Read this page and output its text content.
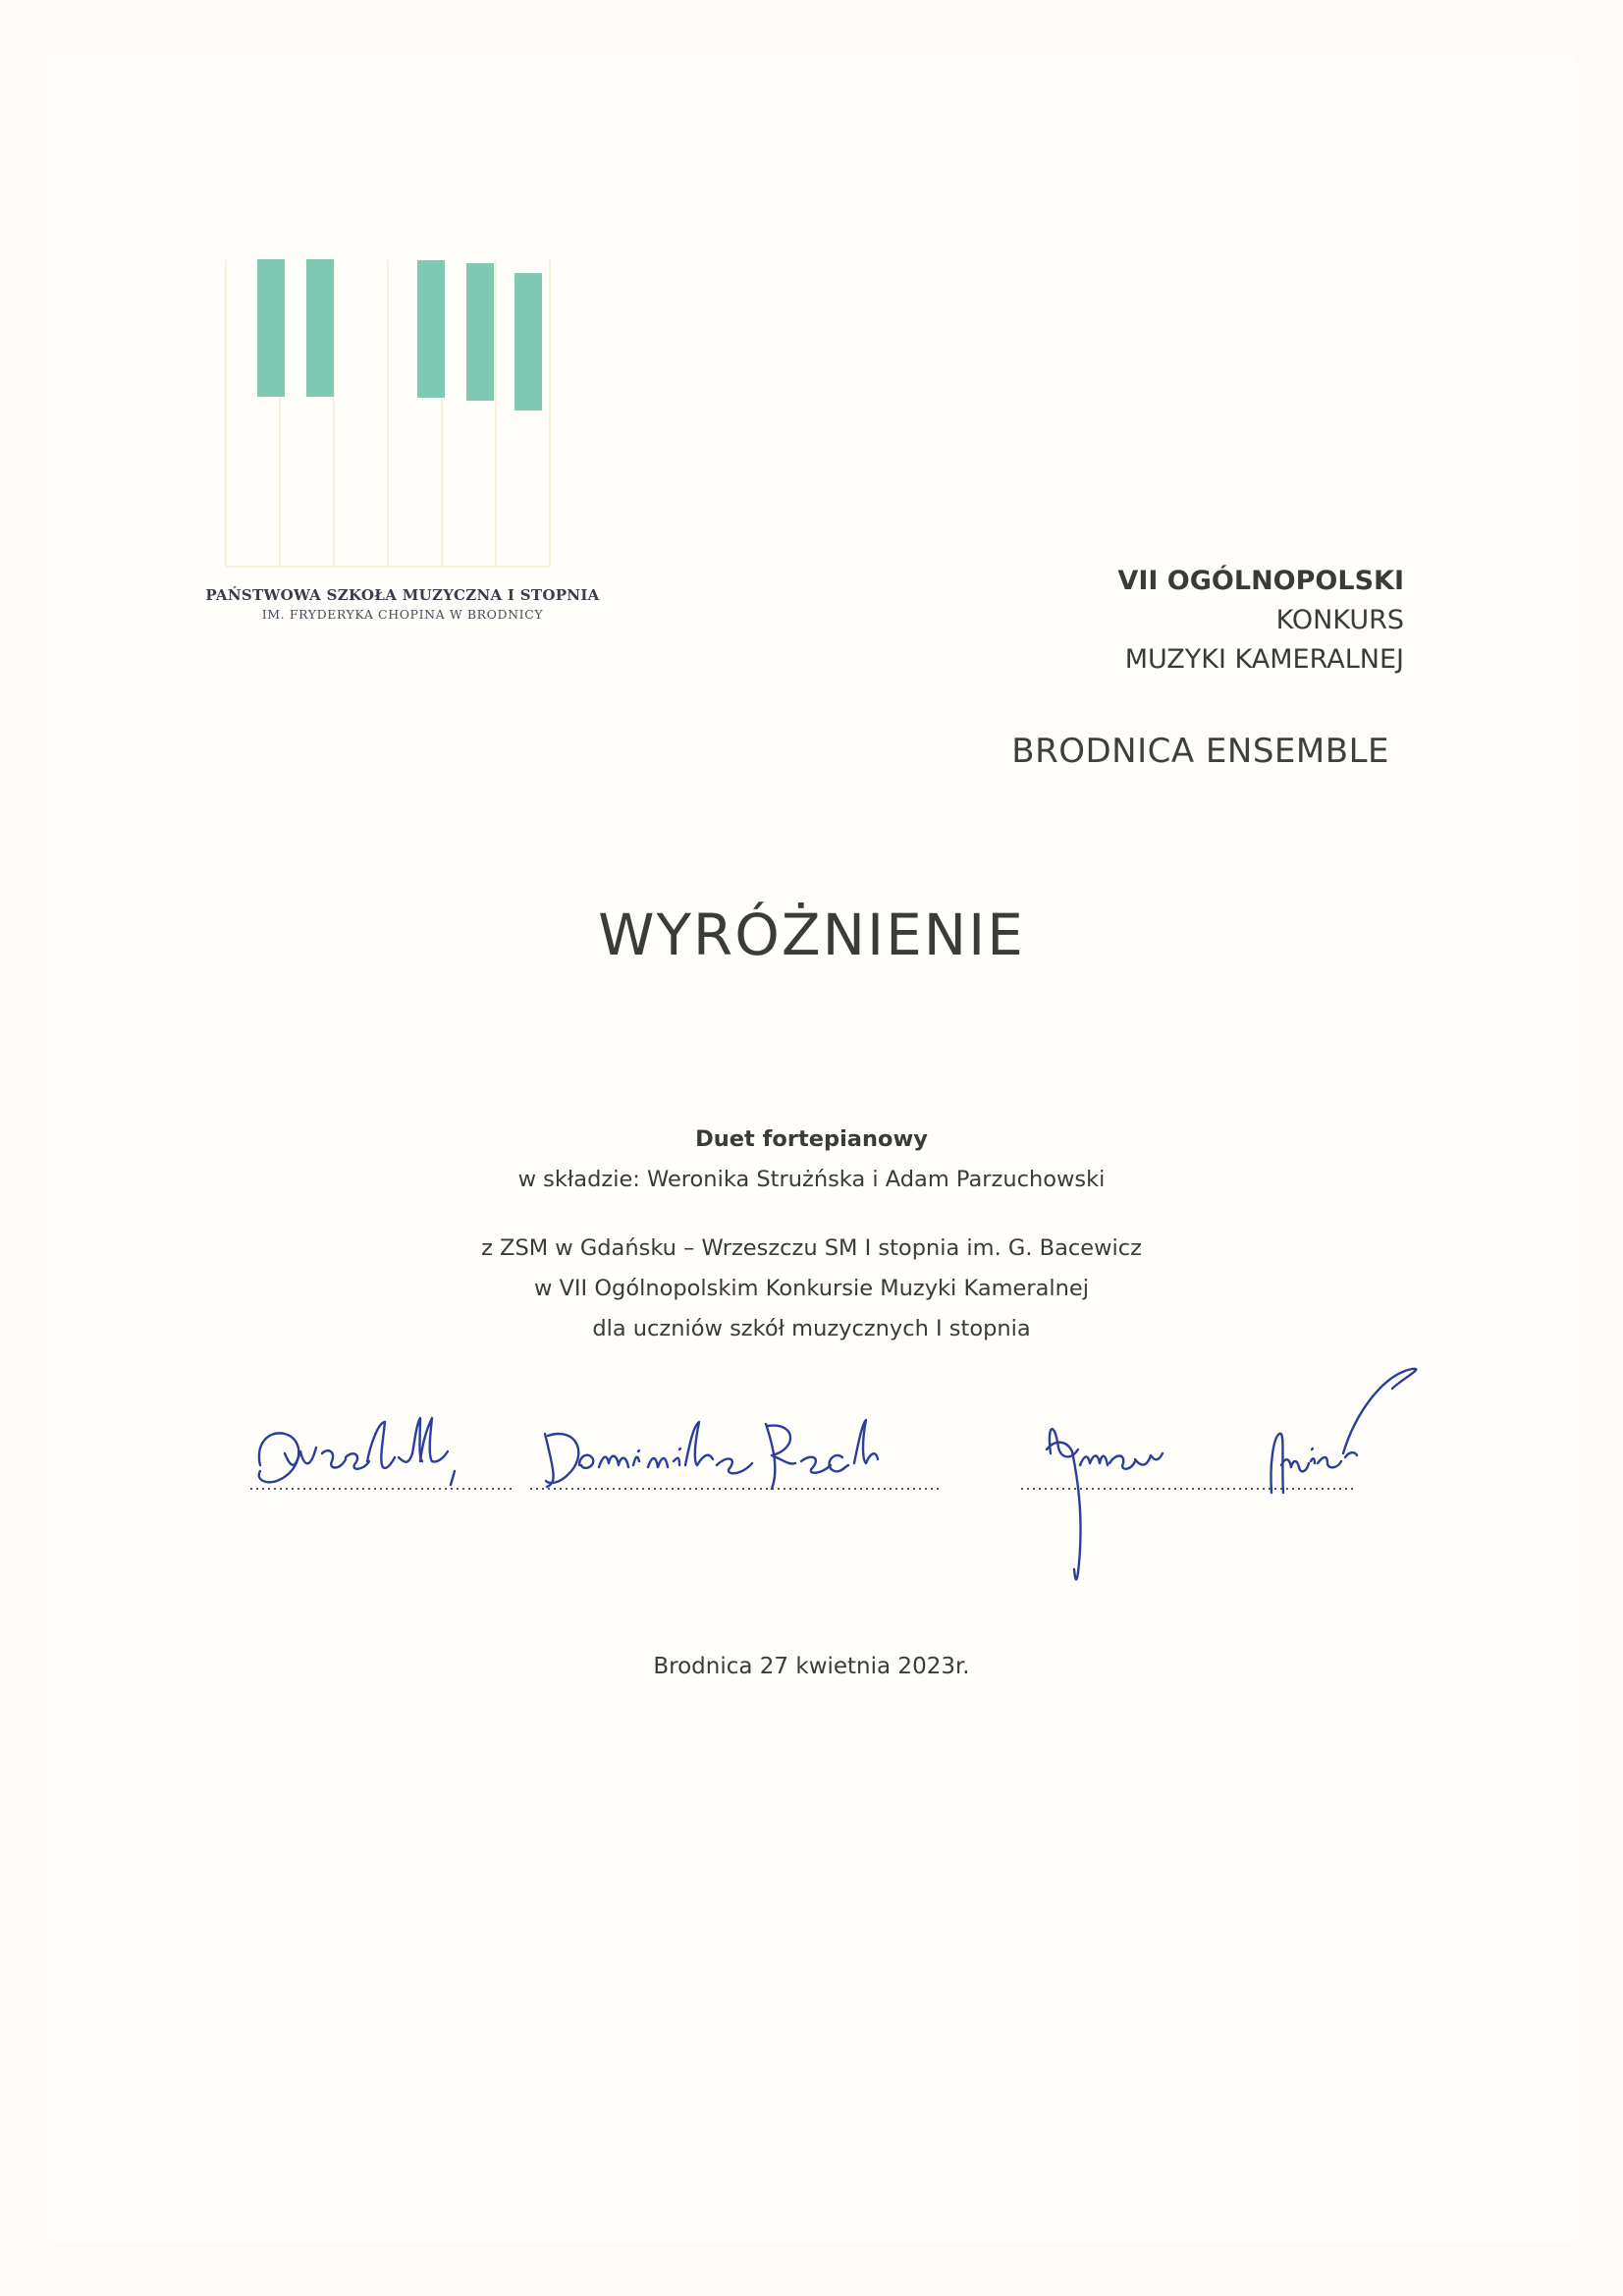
PAŃSTWOWA SZKOŁA MUZYCZNA I STOPNIA
IM. FRYDERYKA CHOPINA W BRODNICY
VII OGÓLNOPOLSKI
KONKURS
MUZYKI KAMERALNEJ
BRODNICA ENSEMBLE
WYRÓŻNIENIE
Duet fortepianowy
w składzie: Weronika Strużńska i Adam Parzuchowski
z ZSM w Gdańsku – Wrzeszczu SM I stopnia im. G. Bacewicz
w VII Ogólnopolskim Konkursie Muzyki Kameralnej
dla uczniów szkół muzycznych I stopnia
Brodnica 27 kwietnia 2023r.
